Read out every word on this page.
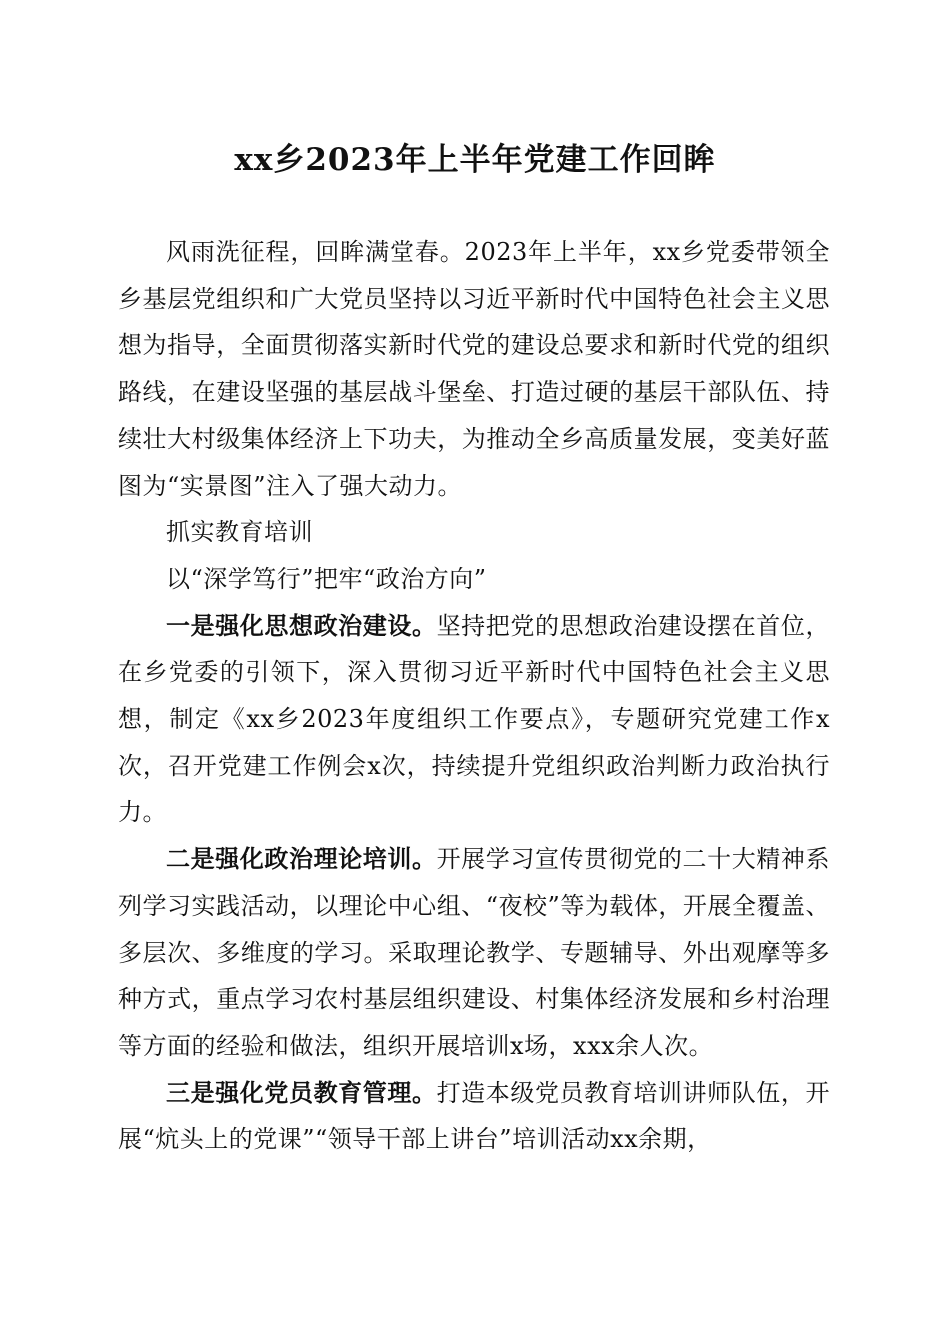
xx乡2023年上半年党建工作回眸

风雨洗征程，回眸满堂春。2023年上半年，xx乡党委带领全乡基层党组织和广大党员坚持以习近平新时代中国特色社会主义思想为指导，全面贯彻落实新时代党的建设总要求和新时代党的组织路线，在建设坚强的基层战斗堡垒、打造过硬的基层干部队伍、持续壮大村级集体经济上下功夫，为推动全乡高质量发展，变美好蓝图为“实景图”注入了强大动力。

抓实教育培训

以“深学笃行”把牢“政治方向”

一是强化思想政治建设。坚持把党的思想政治建设摆在首位，在乡党委的引领下，深入贯彻习近平新时代中国特色社会主义思想，制定《xx乡2023年度组织工作要点》，专题研究党建工作x次，召开党建工作例会x次，持续提升党组织政治判断力政治执行力。

二是强化政治理论培训。开展学习宣传贯彻党的二十大精神系列学习实践活动，以理论中心组、“夜校”等为载体，开展全覆盖、多层次、多维度的学习。采取理论教学、专题辅导、外出观摩等多种方式，重点学习农村基层组织建设、村集体经济发展和乡村治理等方面的经验和做法，组织开展培训x场，xxx余人次。

三是强化党员教育管理。打造本级党员教育培训讲师队伍，开展“炕头上的党课”“领导干部上讲台”培训活动xx余期，
